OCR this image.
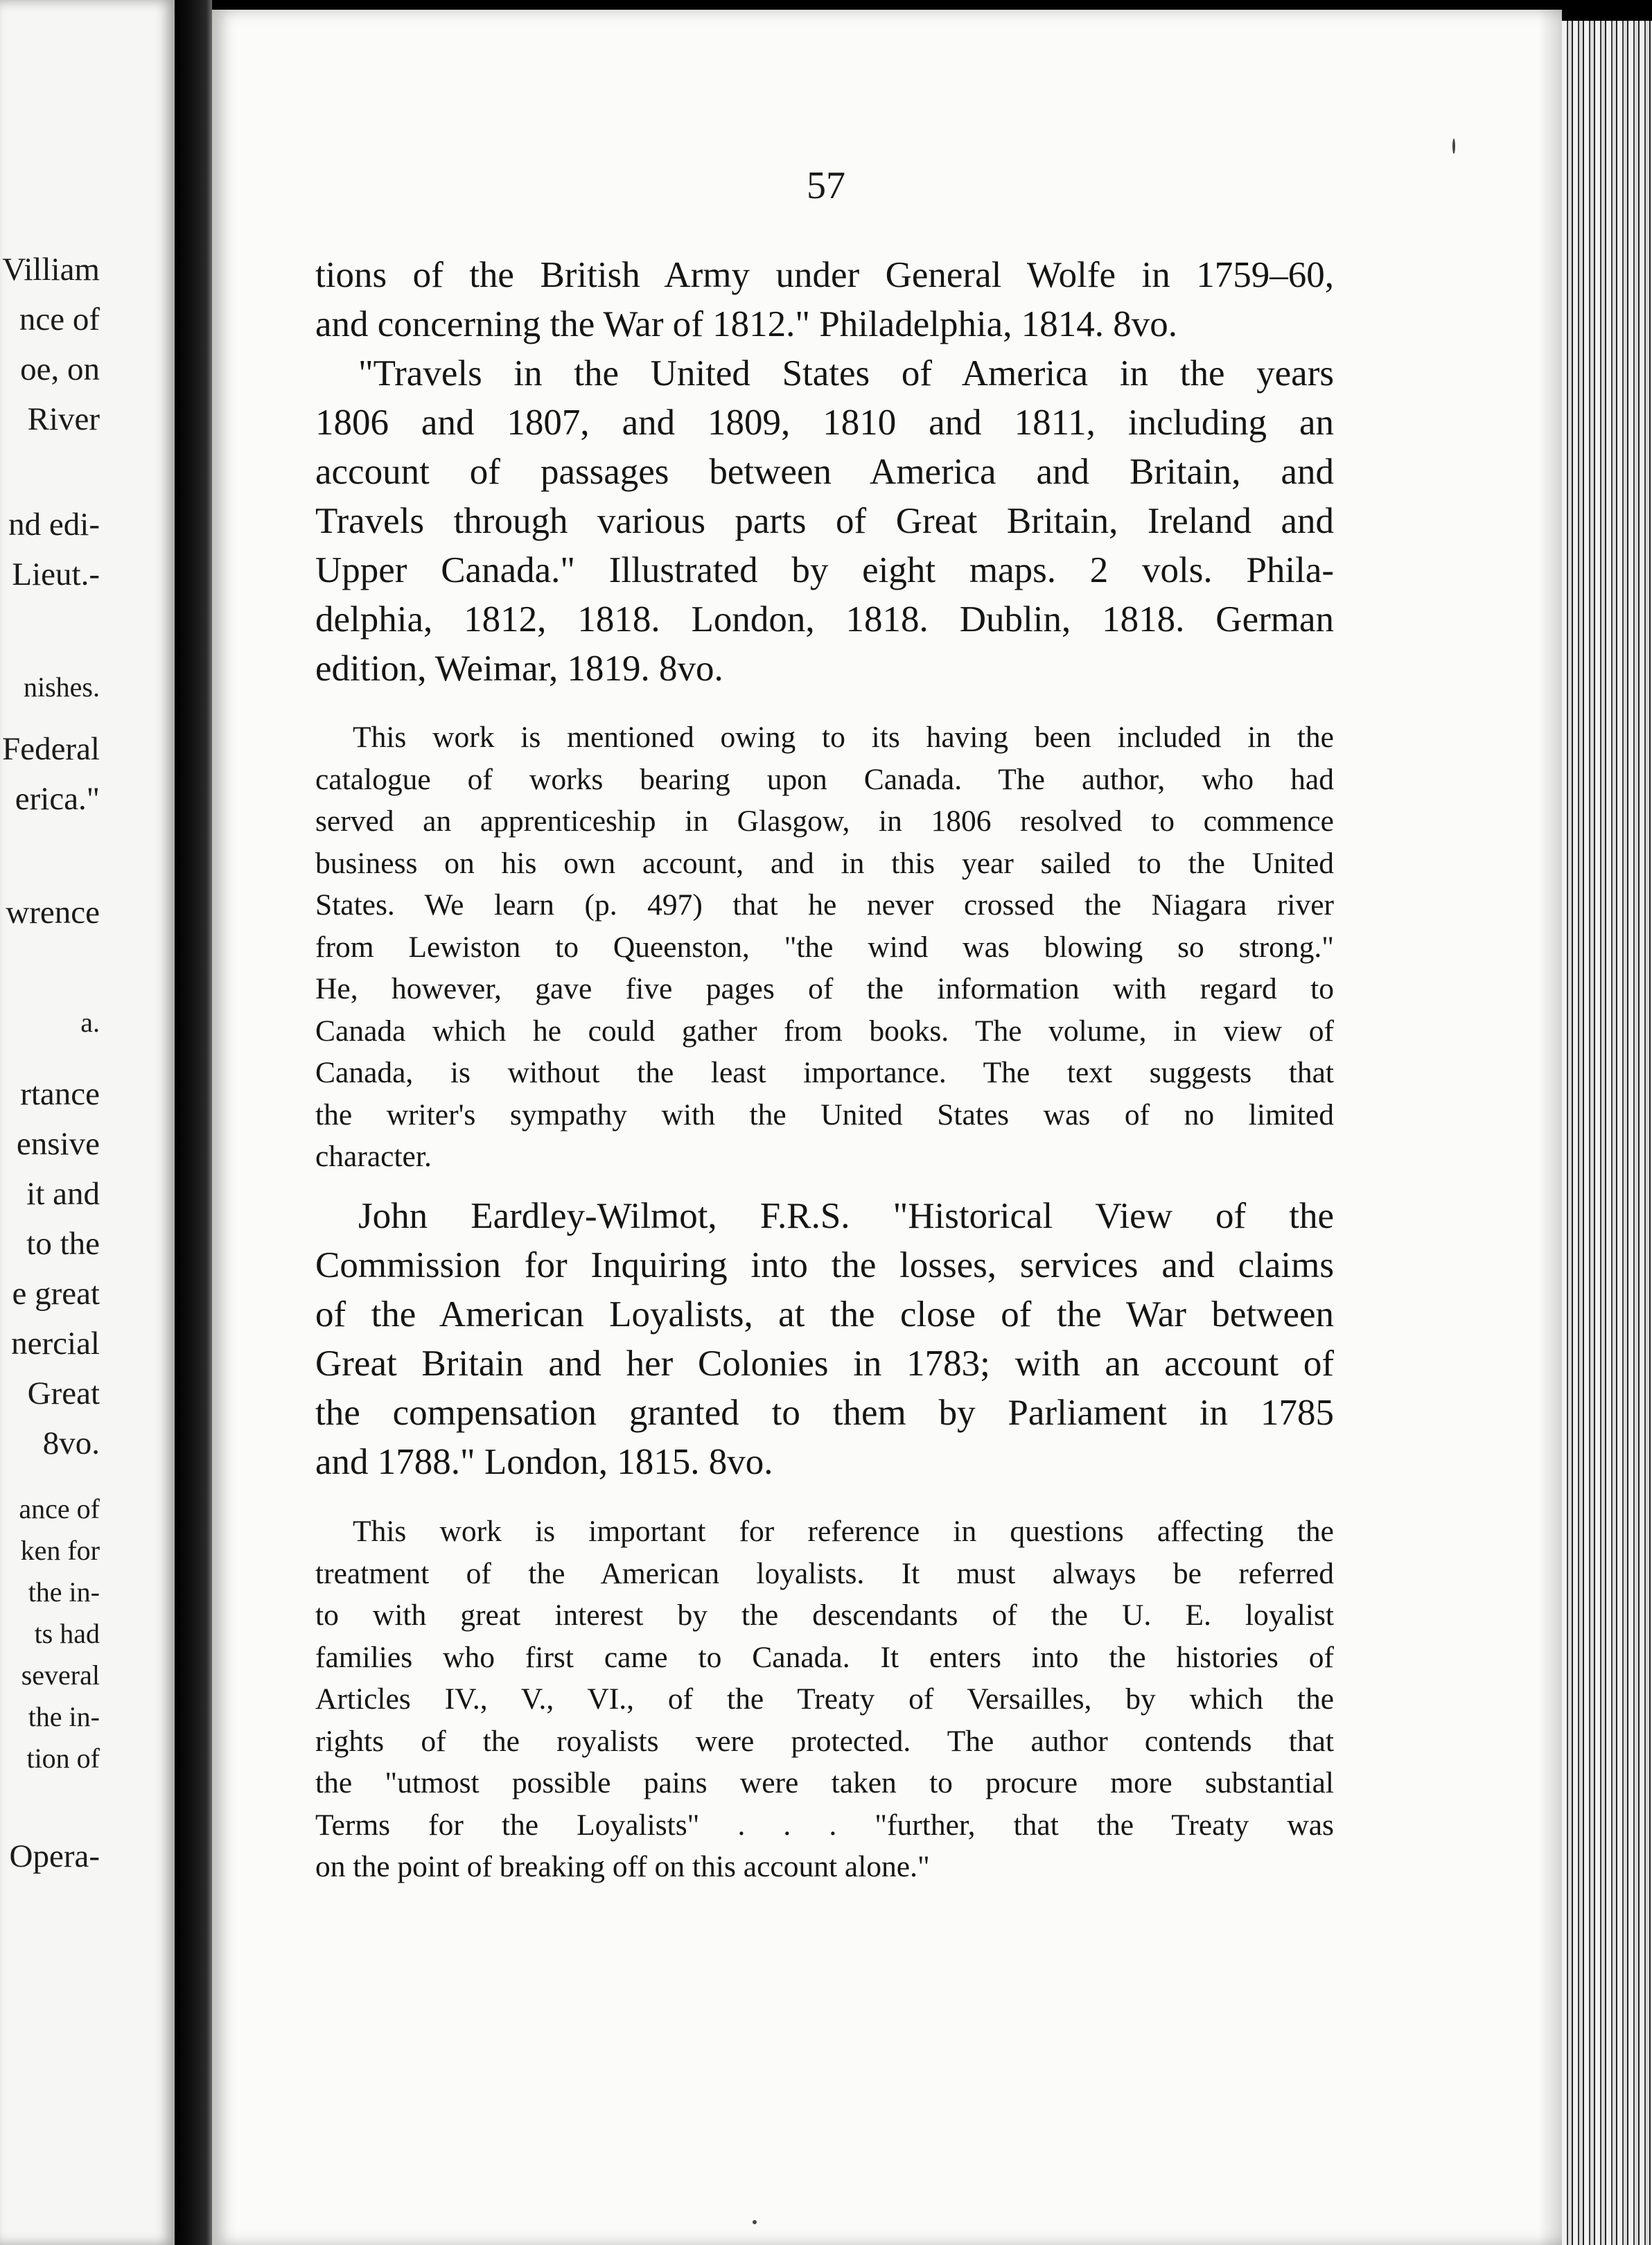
Villiam
nce of
oe, on
River
nd edi-
Lieut.-
nishes.
Federal
erica."
wrence
a.
rtance
ensive
it and
to the
e great
nercial
Great
8vo.
ance of
ken for
the in-
ts had
several
the in-
tion of
Opera-
57
tions of the British Army under General Wolfe in 1759–60,
and concerning the War of 1812." Philadelphia, 1814. 8vo.
"Travels in the United States of America in the years
1806 and 1807, and 1809, 1810 and 1811, including an
account of passages between America and Britain, and
Travels through various parts of Great Britain, Ireland and
Upper Canada." Illustrated by eight maps. 2 vols. Phila-
delphia, 1812, 1818. London, 1818. Dublin, 1818. German
edition, Weimar, 1819. 8vo.
This work is mentioned owing to its having been included in the
catalogue of works bearing upon Canada. The author, who had
served an apprenticeship in Glasgow, in 1806 resolved to commence
business on his own account, and in this year sailed to the United
States. We learn (p. 497) that he never crossed the Niagara river
from Lewiston to Queenston, "the wind was blowing so strong."
He, however, gave five pages of the information with regard to
Canada which he could gather from books. The volume, in view of
Canada, is without the least importance. The text suggests that
the writer's sympathy with the United States was of no limited
character.
John Eardley-Wilmot, F.R.S. "Historical View of the
Commission for Inquiring into the losses, services and claims
of the American Loyalists, at the close of the War between
Great Britain and her Colonies in 1783; with an account of
the compensation granted to them by Parliament in 1785
and 1788." London, 1815. 8vo.
This work is important for reference in questions affecting the
treatment of the American loyalists. It must always be referred
to with great interest by the descendants of the U. E. loyalist
families who first came to Canada. It enters into the histories of
Articles IV., V., VI., of the Treaty of Versailles, by which the
rights of the royalists were protected. The author contends that
the "utmost possible pains were taken to procure more substantial
Terms for the Loyalists" . . . "further, that the Treaty was
on the point of breaking off on this account alone."
